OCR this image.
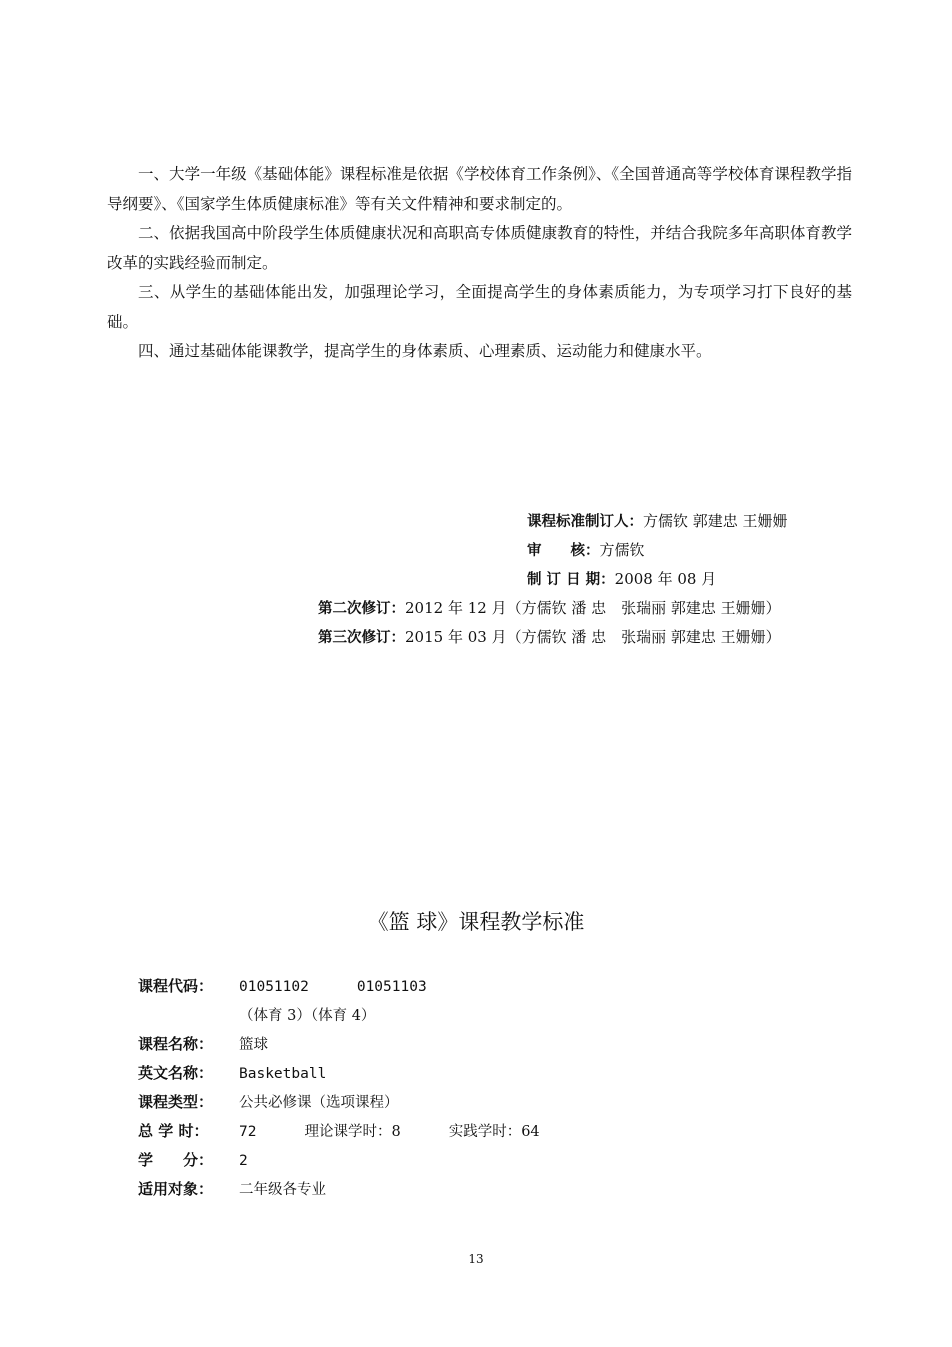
一、大学一年级《基础体能》课程标准是依据《学校体育工作条例》、《全国普通高等学校体育课程教学指导纲要》、《国家学生体质健康标准》等有关文件精神和要求制定的。

二、依据我国高中阶段学生体质健康状况和高职高专体质健康教育的特性，并结合我院多年高职体育教学改革的实践经验而制定。

三、从学生的基础体能出发，加强理论学习，全面提高学生的身体素质能力，为专项学习打下良好的基础。

四、通过基础体能课教学，提高学生的身体素质、心理素质、运动能力和健康水平。

课程标准制订人：方儒钦 郭建忠 王姗姗
审　　核：方儒钦
制 订 日 期：2008 年 08 月
第二次修订：2012 年 12 月（方儒钦 潘 忠　张瑞丽 郭建忠 王姗姗）
第三次修订：2015 年 03 月（方儒钦 潘 忠　张瑞丽 郭建忠 王姗姗）
《篮 球》课程教学标准
课程代码： 01051102	01051103
（体育 3）（体育 4）
课程名称： 篮球
英文名称： Basketball
课程类型： 公共必修课（选项课程）
总 学 时： 72	理论课学时：8	实践学时：64
学　　分： 2
适用对象： 二年级各专业
13
